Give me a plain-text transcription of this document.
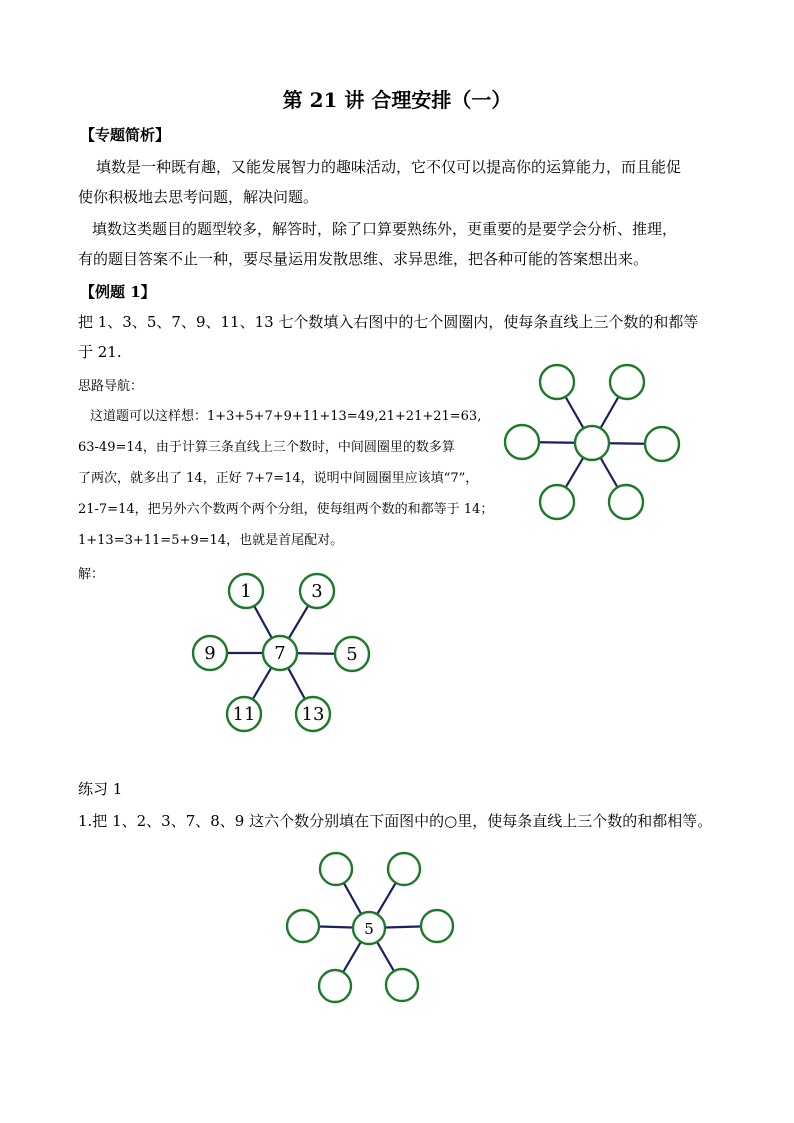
第 21 讲 合理安排（一）
【专题简析】
填数是一种既有趣，又能发展智力的趣味活动，它不仅可以提高你的运算能力，而且能促
使你积极地去思考问题，解决问题。
填数这类题目的题型较多，解答时，除了口算要熟练外，更重要的是要学会分析、推理，
有的题目答案不止一种，要尽量运用发散思维、求异思维，把各种可能的答案想出来。
【例题 1】
把 1、3、5、7、9、11、13 七个数填入右图中的七个圆圈内，使每条直线上三个数的和都等
于 21.
思路导航：
这道题可以这样想：1+3+5+7+9+11+13=49,21+21+21=63,
63-49=14，由于计算三条直线上三个数时，中间圆圈里的数多算
了两次，就多出了 14，正好 7+7=14，说明中间圆圈里应该填“7”，
21-7=14，把另外六个数两个两个分组，使每组两个数的和都等于 14；
1+13=3+11=5+9=14，也就是首尾配对。
解：
7
1	3
9	5
11	13
练习 1
1.把 1、2、3、7、8、9 这六个数分别填在下面图中的○里，使每条直线上三个数的和都相等。
5
